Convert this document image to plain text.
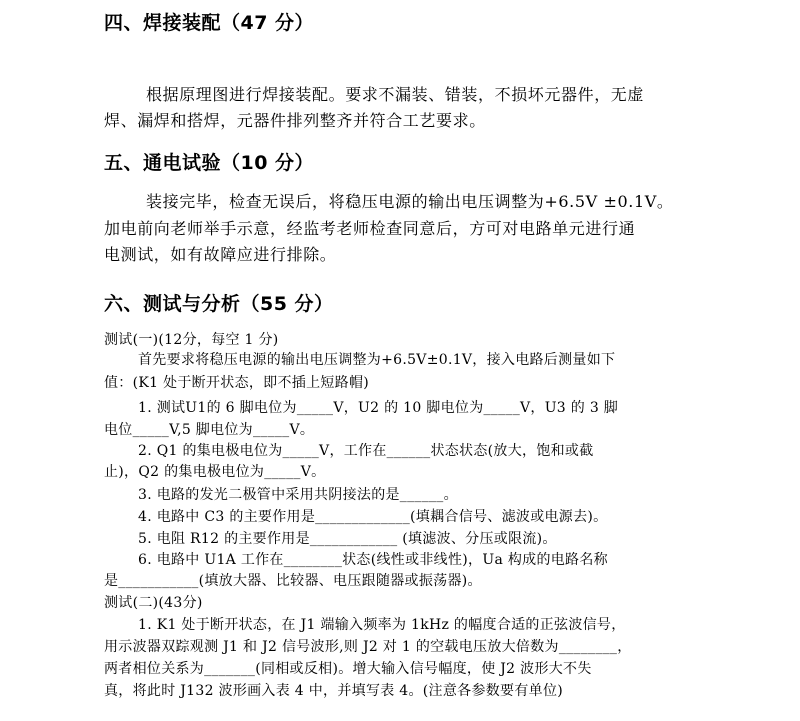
四、焊接装配（47 分）
根据原理图进行焊接装配。要求不漏装、错装，不损坏元器件，无虚
焊、漏焊和搭焊，元器件排列整齐并符合工艺要求。
五、通电试验（10 分）
装接完毕，检查无误后，将稳压电源的输出电压调整为+6.5V ±0.1V。
加电前向老师举手示意，经监考老师检查同意后，方可对电路单元进行通
电测试，如有故障应进行排除。
六、测试与分析（55 分）
测试(一)(12分，每空 1 分)
首先要求将稳压电源的输出电压调整为+6.5V±0.1V，接入电路后测量如下
值：(K1 处于断开状态，即不插上短路帽)
1. 测试U1的 6 脚电位为_____V，U2 的 10 脚电位为_____V，U3 的 3 脚
电位_____V,5 脚电位为_____V。
2. Q1 的集电极电位为_____V，工作在______状态状态(放大，饱和或截
止)，Q2 的集电极电位为_____V。
3. 电路的发光二极管中采用共阴接法的是______。
4. 电路中 C3 的主要作用是_____________(填耦合信号、滤波或电源去)。
5. 电阻 R12 的主要作用是____________ (填滤波、分压或限流)。
6. 电路中 U1A 工作在________状态(线性或非线性)，Ua 构成的电路名称
是___________(填放大器、比较器、电压跟随器或振荡器)。
测试(二)(43分)
1. K1 处于断开状态，在 J1 端输入频率为 1kHz 的幅度合适的正弦波信号，
用示波器双踪观测 J1 和 J2 信号波形,则 J2 对 1 的空载电压放大倍数为________，
两者相位关系为_______(同相或反相)。增大输入信号幅度，使 J2 波形大不失
真，将此时 J132 波形画入表 4 中，并填写表 4。(注意各参数要有单位)
